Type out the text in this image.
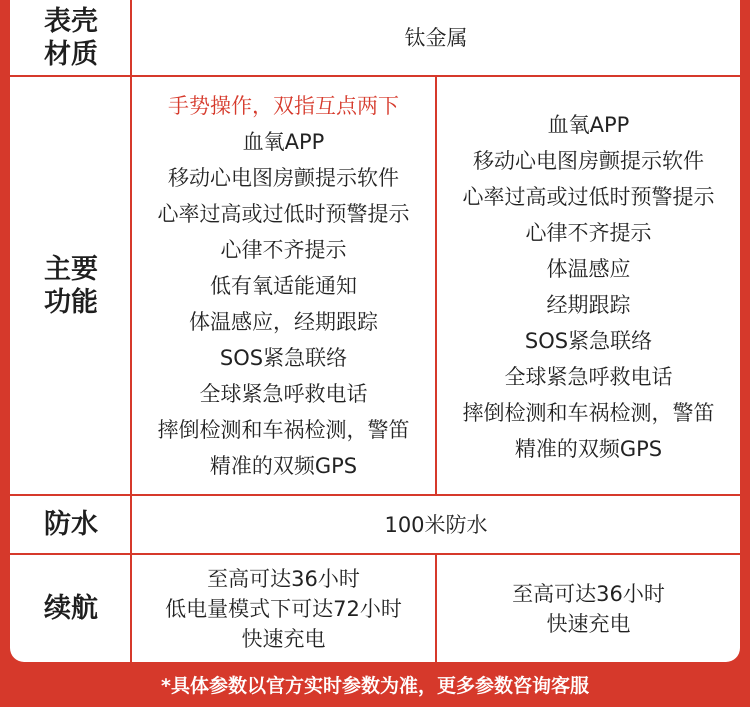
表壳
材质
钛金属
主要
功能
手势操作，双指互点两下
血氧APP
移动心电图房颤提示软件
心率过高或过低时预警提示
心律不齐提示
低有氧适能通知
体温感应，经期跟踪
SOS紧急联络
全球紧急呼救电话
摔倒检测和车祸检测，警笛
精准的双频GPS
血氧APP
移动心电图房颤提示软件
心率过高或过低时预警提示
心律不齐提示
体温感应
经期跟踪
SOS紧急联络
全球紧急呼救电话
摔倒检测和车祸检测，警笛
精准的双频GPS
防水	100米防水
续航
至高可达36小时
低电量模式下可达72小时
快速充电
至高可达36小时
快速充电
*具体参数以官方实时参数为准，更多参数咨询客服
